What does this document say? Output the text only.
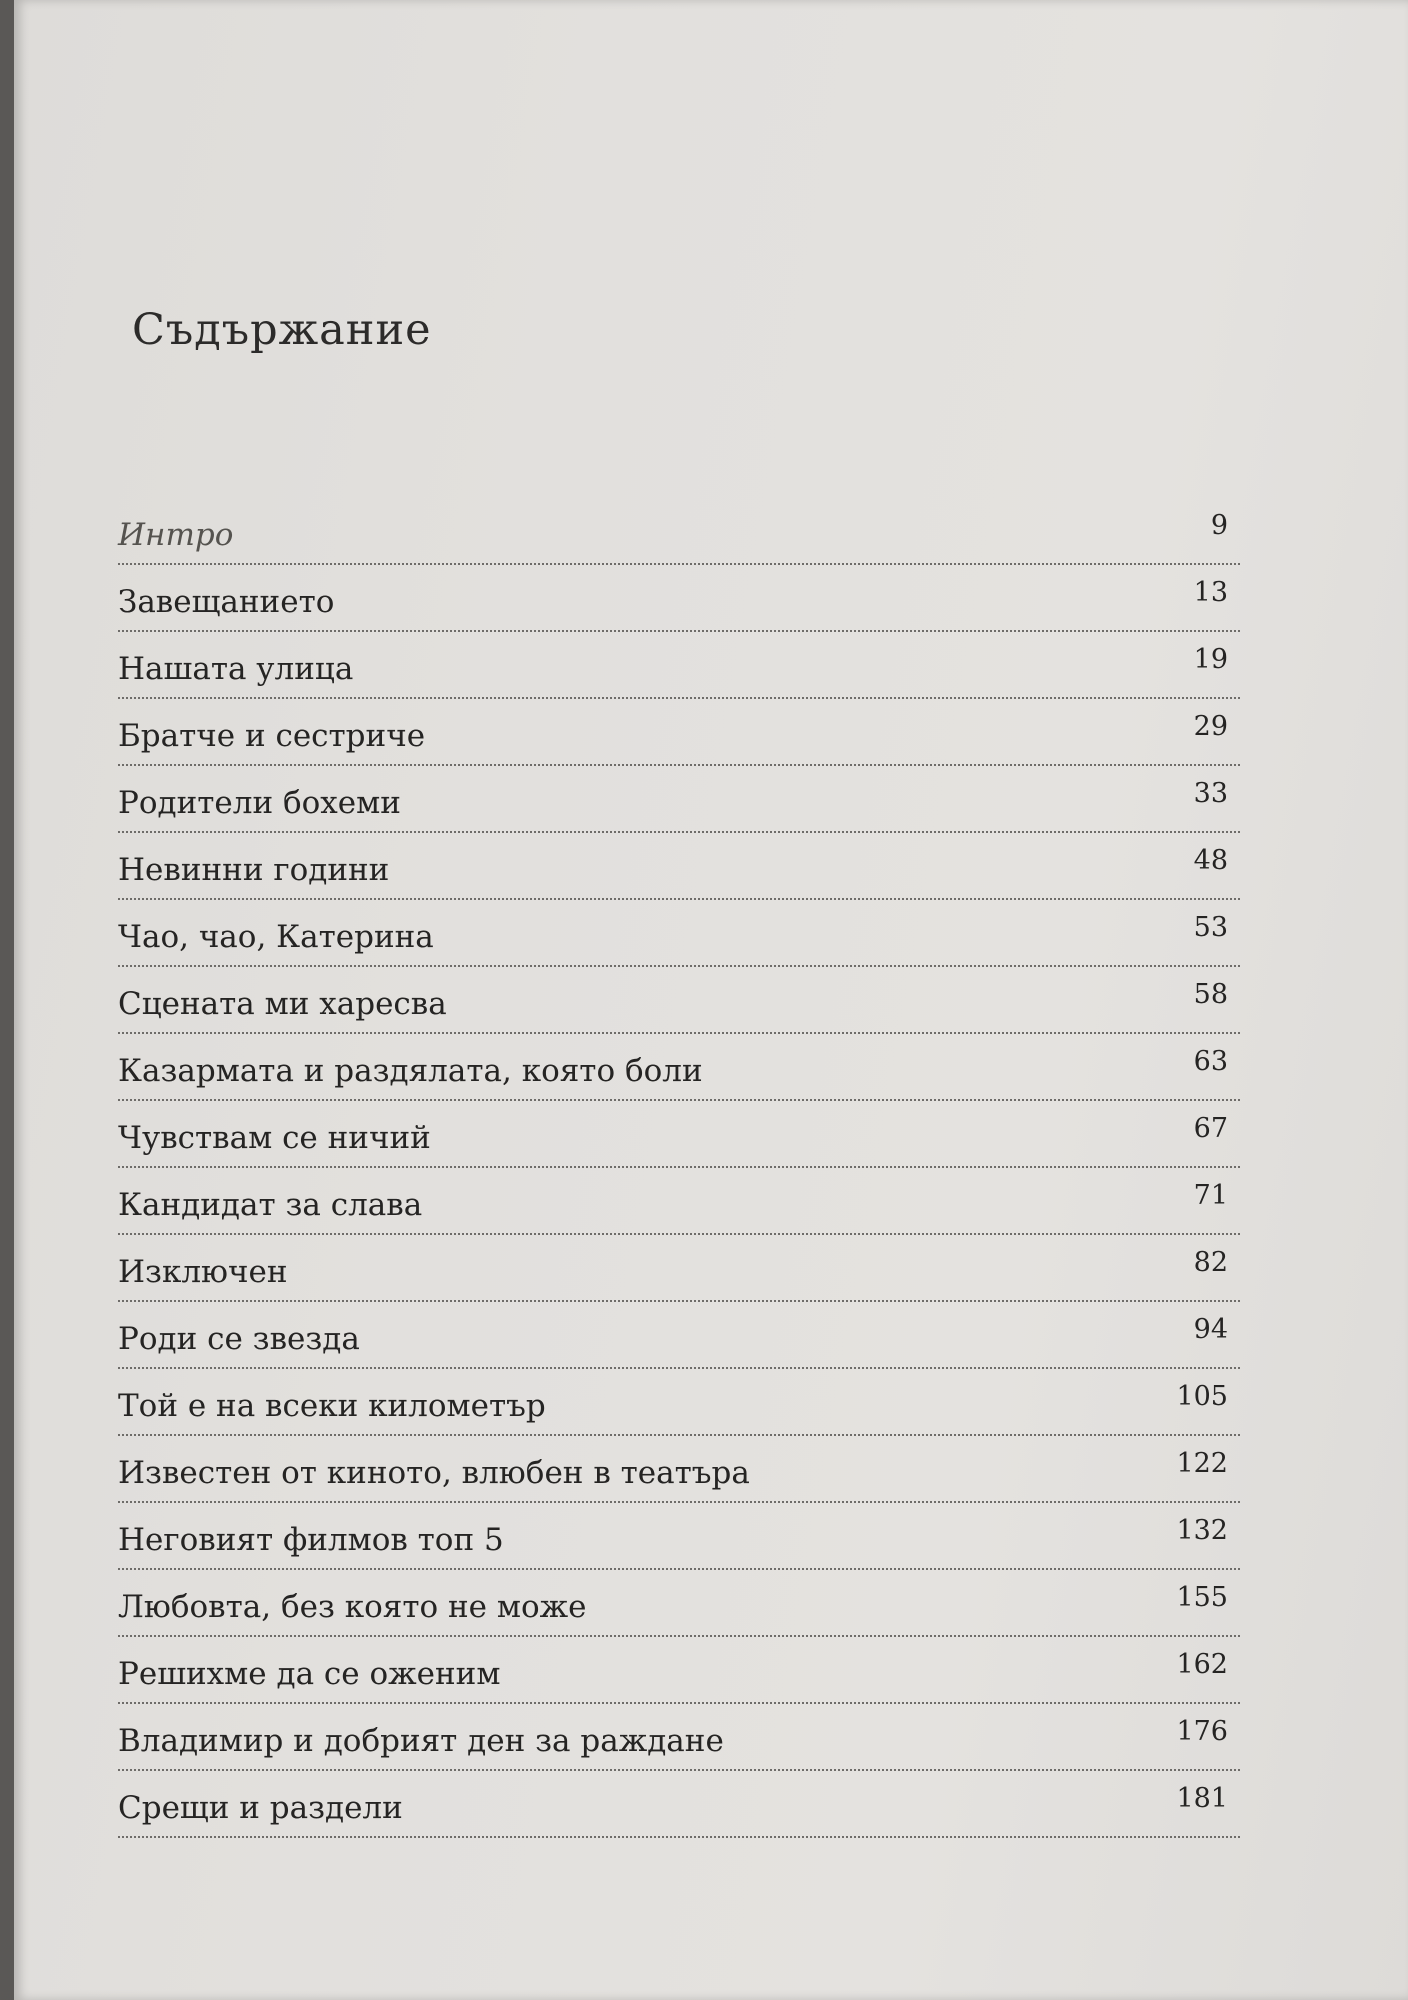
Съдържание
Интро	9
Завещанието	13
Нашата улица	19
Братче и сестриче	29
Родители бохеми	33
Невинни години	48
Чао, чао, Катерина	53
Сцената ми харесва	58
Казармата и раздялата, която боли	63
Чувствам се ничий	67
Кандидат за слава	71
Изключен	82
Роди се звезда	94
Той е на всеки километър	105
Известен от киното, влюбен в театъра	122
Неговият филмов топ 5	132
Любовта, без която не може	155
Решихме да се оженим	162
Владимир и добрият ден за раждане	176
Срещи и раздели	181
